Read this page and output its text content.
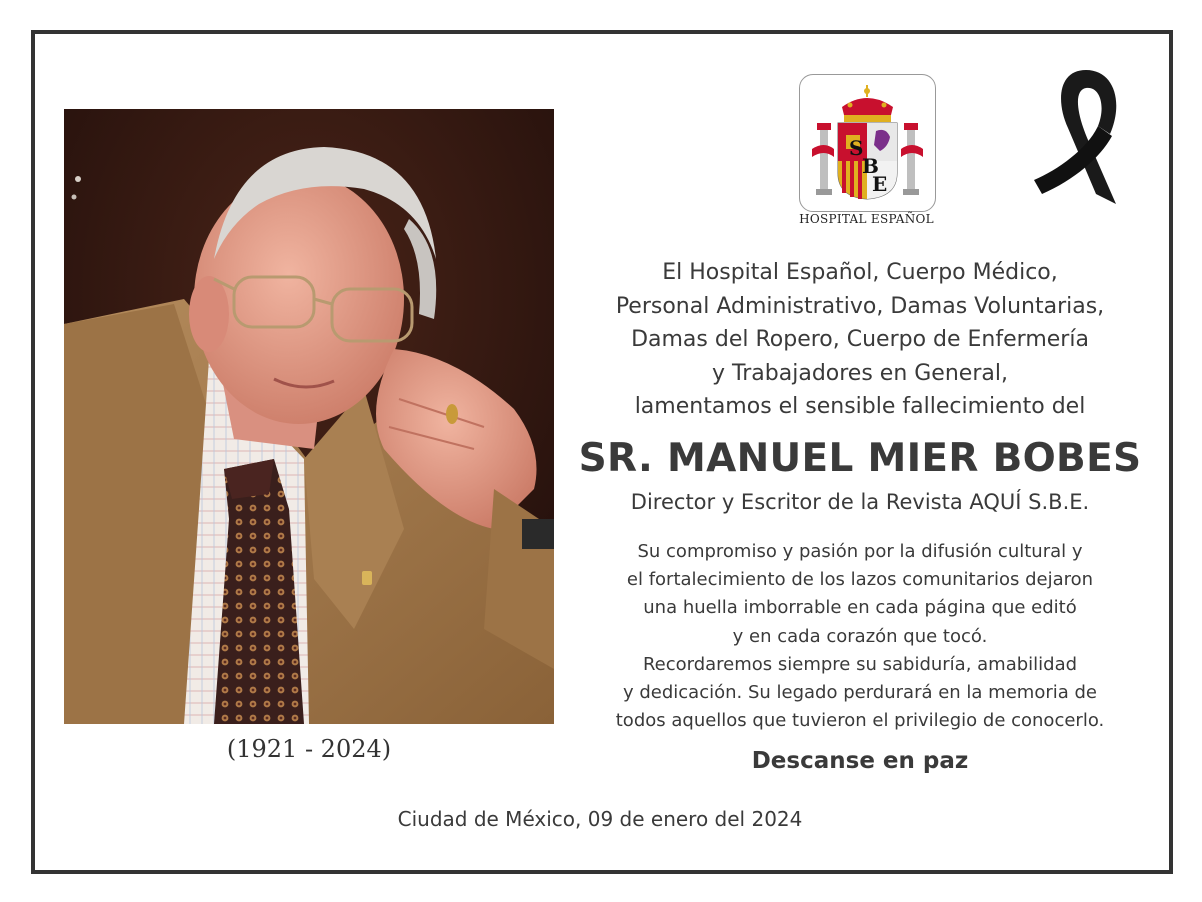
(1921 - 2024)
S
B
E
HOSPITAL ESPAÑOL
El Hospital Español, Cuerpo Médico,
Personal Administrativo, Damas Voluntarias,
Damas del Ropero, Cuerpo de Enfermería
y Trabajadores en General,
lamentamos el sensible fallecimiento del
SR. MANUEL MIER BOBES
Director y Escritor de la Revista AQUÍ S.B.E.
Su compromiso y pasión por la difusión cultural y
el fortalecimiento de los lazos comunitarios dejaron
una huella imborrable en cada página que editó
y en cada corazón que tocó.
Recordaremos siempre su sabiduría, amabilidad
y dedicación. Su legado perdurará en la memoria de
todos aquellos que tuvieron el privilegio de conocerlo.
Descanse en paz
Ciudad de México, 09 de enero del 2024
